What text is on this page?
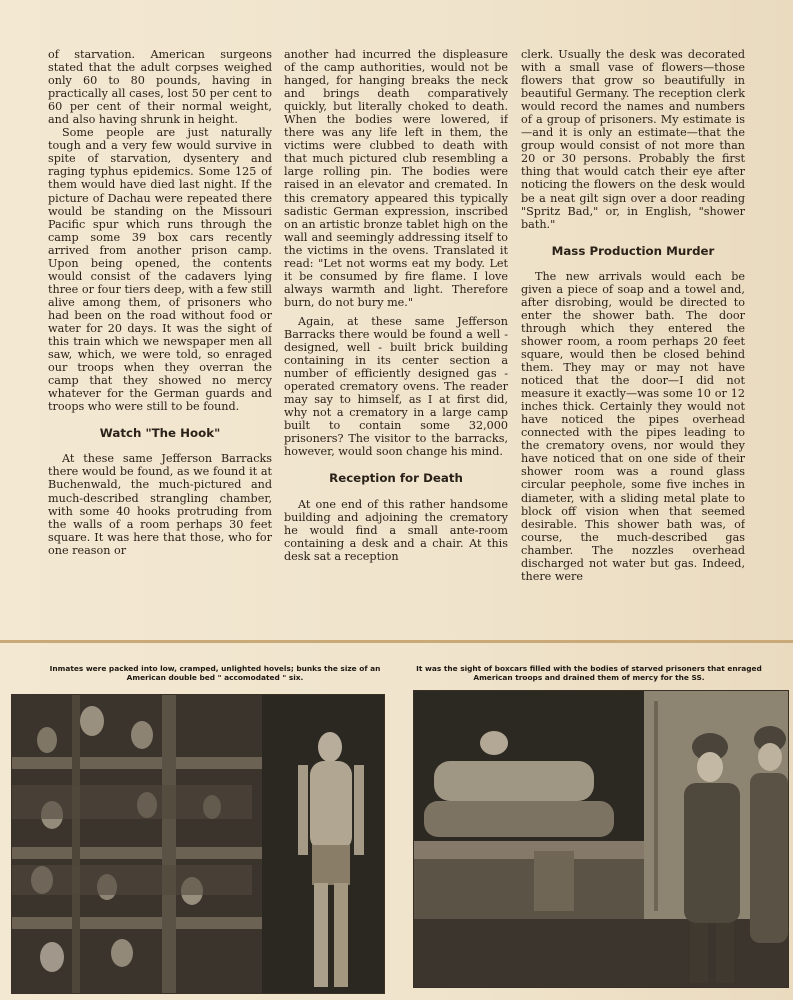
of starvation. American surgeons stated that the adult corpses weighed only 60 to 80 pounds, having in practically all cases, lost 50 per cent to 60 per cent of their normal weight, and also having shrunk in height.

Some people are just naturally tough and a very few would survive in spite of starvation, dysentery and raging typhus epidemics. Some 125 of them would have died last night. If the picture of Dachau were repeated there would be standing on the Missouri Pacific spur which runs through the camp some 39 box cars recently arrived from another prison camp. Upon being opened, the contents would consist of the cadavers lying three or four tiers deep, with a few still alive among them, of prisoners who had been on the road without food or water for 20 days. It was the sight of this train which we newspaper men all saw, which, we were told, so enraged our troops when they overran the camp that they showed no mercy whatever for the German guards and troops who were still to be found.

Watch "The Hook"

At these same Jefferson Barracks there would be found, as we found it at Buchenwald, the much-pictured and much-described strangling chamber, with some 40 hooks protruding from the walls of a room perhaps 30 feet square. It was here that those, who for one reason or

another had incurred the displeasure of the camp authorities, would not be hanged, for hanging breaks the neck and brings death comparatively quickly, but literally choked to death. When the bodies were lowered, if there was any life left in them, the victims were clubbed to death with that much pictured club resembling a large rolling pin. The bodies were raised in an elevator and cremated. In this crematory appeared this typically sadistic German expression, inscribed on an artistic bronze tablet high on the wall and seemingly addressing itself to the victims in the ovens. Translated it read: "Let not worms eat my body. Let it be consumed by fire flame. I love always warmth and light. Therefore burn, do not bury me."

Again, at these same Jefferson Barracks there would be found a well - designed, well - built brick building containing in its center section a number of efficiently designed gas - operated crematory ovens. The reader may say to himself, as I at first did, why not a crematory in a large camp built to contain some 32,000 prisoners? The visitor to the barracks, however, would soon change his mind.

Reception for Death

At one end of this rather handsome building and adjoining the crematory he would find a small ante-room containing a desk and a chair. At this desk sat a reception

clerk. Usually the desk was decorated with a small vase of flowers—those flowers that grow so beautifully in beautiful Germany. The reception clerk would record the names and numbers of a group of prisoners. My estimate is—and it is only an estimate—that the group would consist of not more than 20 or 30 persons. Probably the first thing that would catch their eye after noticing the flowers on the desk would be a neat gilt sign over a door reading "Spritz Bad," or, in English, "shower bath."

Mass Production Murder

The new arrivals would each be given a piece of soap and a towel and, after disrobing, would be directed to enter the shower bath. The door through which they entered the shower room, a room perhaps 20 feet square, would then be closed behind them. They may or may not have noticed that the door—I did not measure it exactly—was some 10 or 12 inches thick. Certainly they would not have noticed the pipes overhead connected with the pipes leading to the crematory ovens, nor would they have noticed that on one side of their shower room was a round glass circular peephole, some five inches in diameter, with a sliding metal plate to block off vision when that seemed desirable. This shower bath was, of course, the much-described gas chamber. The nozzles overhead discharged not water but gas. Indeed, there were

Inmates were packed into low, cramped, unlighted hovels; bunks the size of an American double bed " accomodated " six.
It was the sight of boxcars filled with the bodies of starved prisoners that enraged American troops and drained them of mercy for the SS.
